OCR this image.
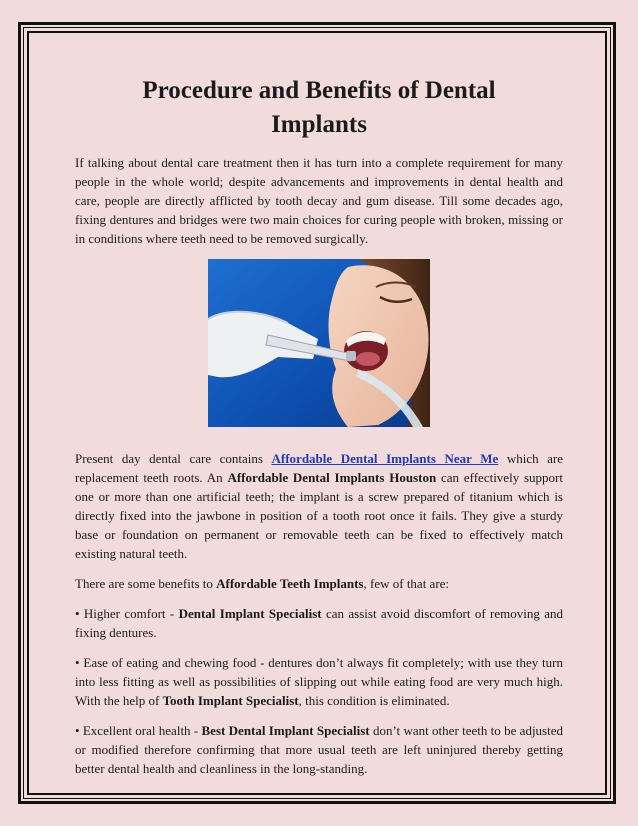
Procedure and Benefits of Dental Implants

If talking about dental care treatment then it has turn into a complete requirement for many people in the whole world; despite advancements and improvements in dental health and care, people are directly afflicted by tooth decay and gum disease. Till some decades ago, fixing dentures and bridges were two main choices for curing people with broken, missing or in conditions where teeth need to be removed surgically.

Present day dental care contains Affordable Dental Implants Near Me which are replacement teeth roots. An Affordable Dental Implants Houston can effectively support one or more than one artificial teeth; the implant is a screw prepared of titanium which is directly fixed into the jawbone in position of a tooth root once it fails. They give a sturdy base or foundation on permanent or removable teeth can be fixed to effectively match existing natural teeth.

There are some benefits to Affordable Teeth Implants, few of that are:

• Higher comfort - Dental Implant Specialist can assist avoid discomfort of removing and fixing dentures.

• Ease of eating and chewing food - dentures don’t always fit completely; with use they turn into less fitting as well as possibilities of slipping out while eating food are very much high. With the help of Tooth Implant Specialist, this condition is eliminated.

• Excellent oral health - Best Dental Implant Specialist don’t want other teeth to be adjusted or modified therefore confirming that more usual teeth are left uninjured thereby getting better dental health and cleanliness in the long-standing.
